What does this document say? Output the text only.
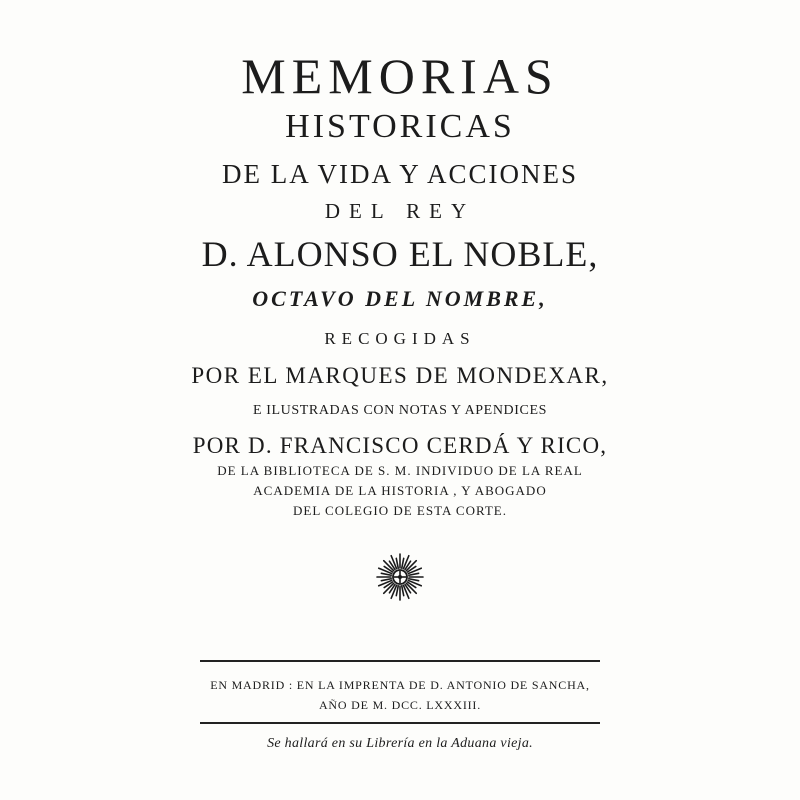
MEMORIAS
HISTORICAS
DE LA VIDA Y ACCIONES
DEL REY
D. ALONSO EL NOBLE,
OCTAVO DEL NOMBRE,
RECOGIDAS
POR EL MARQUES DE MONDEXAR,
E ILUSTRADAS CON NOTAS Y APENDICES
POR D. FRANCISCO CERDÁ Y RICO,
DE LA BIBLIOTECA DE S. M. INDIVIDUO DE LA REAL
ACADEMIA DE LA HISTORIA , Y ABOGADO
DEL COLEGIO DE ESTA CORTE.
EN MADRID : EN LA IMPRENTA DE D. ANTONIO DE SANCHA,
AÑO DE M. DCC. LXXXIII.
Se hallará en su Librería en la Aduana vieja.
